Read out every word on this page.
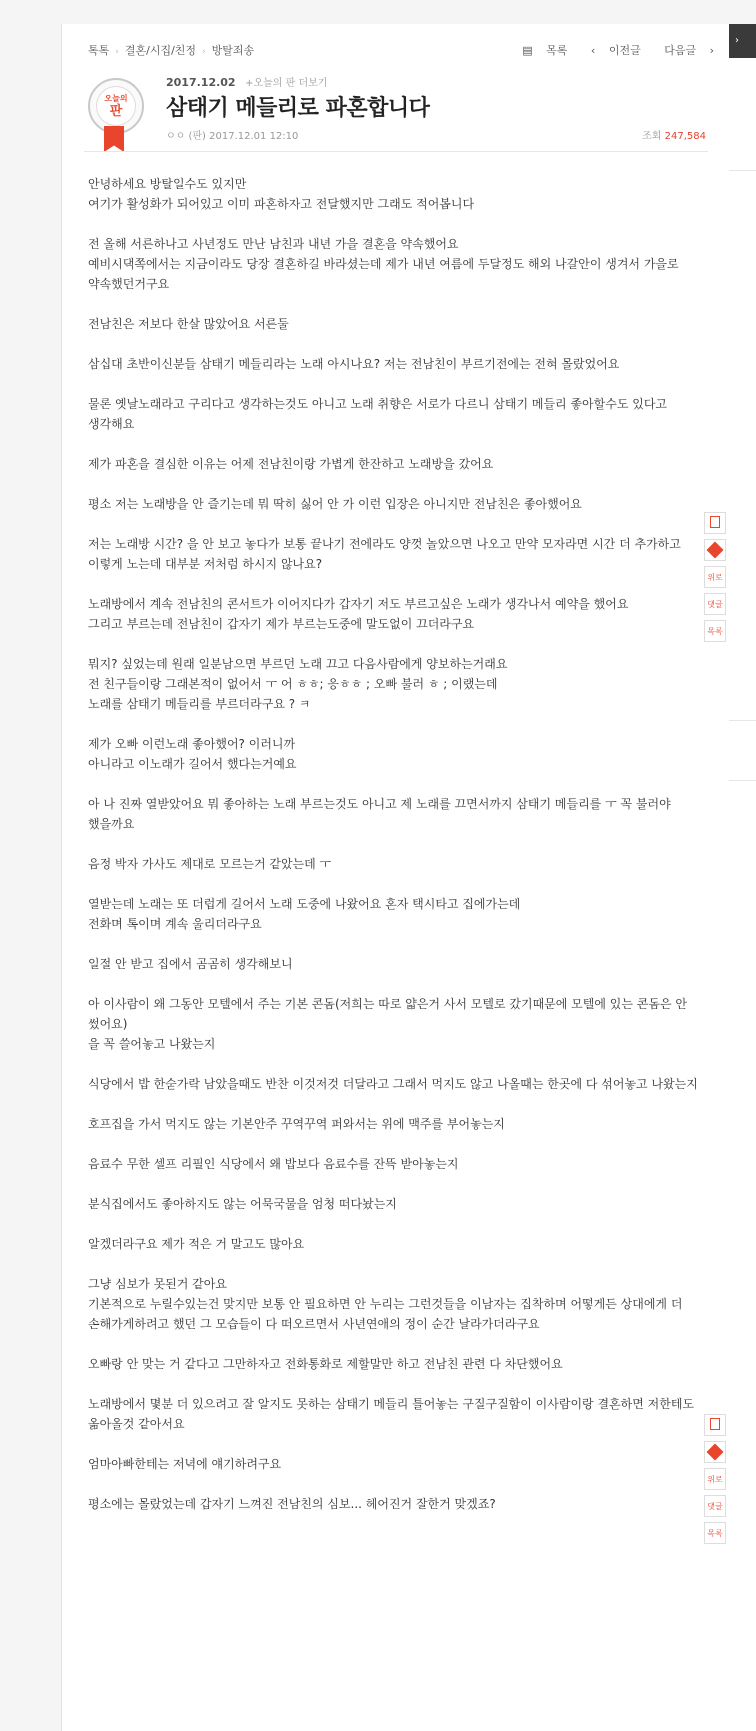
톡톡 › 결혼/시집/친정 › 방탈죄송	▤ 목록 ‹ 이전글 다음글 ›
오늘의
판
2017.12.02 +오늘의 판 더보기
삼태기 메들리로 파혼합니다
ㅇㅇ (판) 2017.12.01 12:10	조회 247,584

안녕하세요 방탈일수도 있지만
여기가 활성화가 되어있고 이미 파혼하자고 전달했지만 그래도 적어봅니다

전 올해 서른하나고 사년정도 만난 남친과 내년 가을 결혼을 약속했어요
예비시댁쪽에서는 지금이라도 당장 결혼하길 바라셨는데 제가 내년 여름에 두달정도 해외 나갈안이 생겨서 가을로 약속했던거구요

전남친은 저보다 한살 많았어요 서른둘

삼십대 초반이신분들 삼태기 메들리라는 노래 아시나요? 저는 전남친이 부르기전에는 전혀 몰랐었어요

물론 옛날노래라고 구리다고 생각하는것도 아니고 노래 취향은 서로가 다르니 삼태기 메들리 좋아할수도 있다고 생각해요

제가 파혼을 결심한 이유는 어제 전남친이랑 가볍게 한잔하고 노래방을 갔어요

평소 저는 노래방을 안 즐기는데 뭐 딱히 싫어 안 가 이런 입장은 아니지만 전남친은 좋아했어요

저는 노래방 시간? 을 안 보고 놓다가 보통 끝나기 전에라도 양껏 놀았으면 나오고 만약 모자라면 시간 더 추가하고 이렇게 노는데 대부분 저처럼 하시지 않나요?

노래방에서 계속 전남친의 콘서트가 이어지다가 갑자기 저도 부르고싶은 노래가 생각나서 예약을 했어요
그리고 부르는데 전남친이 갑자기 제가 부르는도중에 말도없이 끄더라구요

뭐지? 싶었는데 원래 일분남으면 부르던 노래 끄고 다음사람에게 양보하는거래요
전 친구들이랑 그래본적이 없어서 ㅜ 어 ㅎㅎ; 응ㅎㅎ ; 오빠 불러 ㅎ ; 이랬는데
노래를 삼태기 메들리를 부르더라구요 ? ㅋ

제가 오빠 이런노래 좋아했어? 이러니까
아니라고 이노래가 길어서 했다는거예요

아 나 진짜 열받았어요 뭐 좋아하는 노래 부르는것도 아니고 제 노래를 끄면서까지 삼태기 메들리를 ㅜ 꼭 불러야 했을까요

음정 박자 가사도 제대로 모르는거 같았는데 ㅜ

열받는데 노래는 또 더럽게 길어서 노래 도중에 나왔어요 혼자 택시타고 집에가는데
전화며 톡이며 계속 울리더라구요

일절 안 받고 집에서 곰곰히 생각해보니

아 이사람이 왜 그동안 모텔에서 주는 기본 콘돔(저희는 따로 얇은거 사서 모텔로 갔기때문에 모텔에 있는 콘돔은 안 썼어요)
을 꼭 쓸어놓고 나왔는지

식당에서 밥 한숟가락 남았을때도 반찬 이것저것 더달라고 그래서 먹지도 않고 나올때는 한곳에 다 섞어놓고 나왔는지

호프집을 가서 먹지도 않는 기본안주 꾸역꾸역 퍼와서는 위에 맥주를 부어놓는지

음료수 무한 셀프 리필인 식당에서 왜 밥보다 음료수를 잔뜩 받아놓는지

분식집에서도 좋아하지도 않는 어묵국물을 엄청 떠다놨는지

알겠더라구요 제가 적은 거 말고도 많아요

그냥 심보가 못된거 같아요
기본적으로 누릴수있는건 맞지만 보통 안 필요하면 안 누리는 그런것들을 이남자는 집착하며 어떻게든 상대에게 더 손해가게하려고 했던 그 모습들이 다 떠오르면서 사년연애의 정이 순간 날라가더라구요

오빠랑 안 맞는 거 같다고 그만하자고 전화통화로 제할말만 하고 전남친 관련 다 차단했어요

노래방에서 몇분 더 있으려고 잘 알지도 못하는 삼태기 메들리 틀어놓는 구질구질함이 이사람이랑 결혼하면 저한테도 옮아올것 같아서요

엄마아빠한테는 저녁에 얘기하려구요

평소에는 몰랐었는데 갑자기 느껴진 전남친의 심보... 헤어진거 잘한거 맞겠죠?

›
위로
댓글
목록
위로
댓글
목록
